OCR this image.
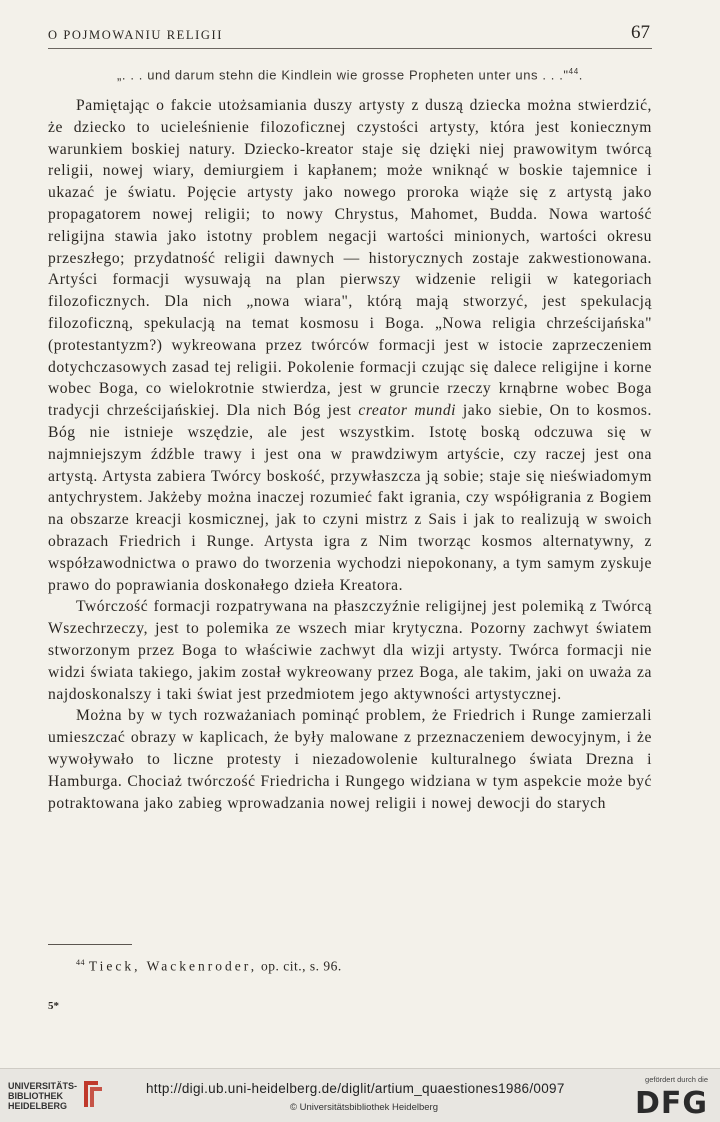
O POJMOWANIU RELIGII	67
„. . . und darum stehn die Kindlein wie grosse Propheten unter uns . . ."$^{44}$.

Pamiętając o fakcie utożsamiania duszy artysty z duszą dziecka można stwierdzić, że dziecko to ucieleśnienie filozoficznej czystości artysty, która jest koniecznym warunkiem boskiej natury. Dziecko-kreator staje się dzięki niej prawowitym twórcą religii, nowej wiary, demiurgiem i kapłanem; może wniknąć w boskie tajemnice i ukazać je światu. Pojęcie artysty jako nowego proroka wiąże się z artystą jako propagatorem nowej religii; to nowy Chrystus, Mahomet, Budda. Nowa wartość religijna stawia jako istotny problem negacji wartości minionych, wartości okresu przeszłego; przydatność religii dawnych — historycznych zostaje zakwestionowana. Artyści formacji wysuwają na plan pierwszy widzenie religii w kategoriach filozoficznych. Dla nich „nowa wiara", którą mają stworzyć, jest spekulacją filozoficzną, spekulacją na temat kosmosu i Boga. „Nowa religia chrześcijańska" (protestantyzm?) wykreowana przez twórców formacji jest w istocie zaprzeczeniem dotychczasowych zasad tej religii. Pokolenie formacji czując się dalece religijne i korne wobec Boga, co wielokrotnie stwierdza, jest w gruncie rzeczy krnąbrne wobec Boga tradycji chrześcijańskiej. Dla nich Bóg jest creator mundi jako siebie, On to kosmos. Bóg nie istnieje wszędzie, ale jest wszystkim. Istotę boską odczuwa się w najmniejszym źdźble trawy i jest ona w prawdziwym artyście, czy raczej jest ona artystą. Artysta zabiera Twórcy boskość, przywłaszcza ją sobie; staje się nieświadomym antychrystem. Jakżeby można inaczej rozumieć fakt igrania, czy współigrania z Bogiem na obszarze kreacji kosmicznej, jak to czyni mistrz z Sais i jak to realizują w swoich obrazach Friedrich i Runge. Artysta igra z Nim tworząc kosmos alternatywny, z współzawodnictwa o prawo do tworzenia wychodzi niepokonany, a tym samym zyskuje prawo do poprawiania doskonałego dzieła Kreatora.

Twórczość formacji rozpatrywana na płaszczyźnie religijnej jest polemiką z Twórcą Wszechrzeczy, jest to polemika ze wszech miar krytyczna. Pozorny zachwyt światem stworzonym przez Boga to właściwie zachwyt dla wizji artysty. Twórca formacji nie widzi świata takiego, jakim został wykreowany przez Boga, ale takim, jaki on uważa za najdoskonalszy i taki świat jest przedmiotem jego aktywności artystycznej.

Można by w tych rozważaniach pominąć problem, że Friedrich i Runge zamierzali umieszczać obrazy w kaplicach, że były malowane z przeznaczeniem dewocyjnym, i że wywoływało to liczne protesty i niezadowolenie kulturalnego świata Drezna i Hamburga. Chociaż twórczość Friedricha i Rungego widziana w tym aspekcie może być potraktowana jako zabieg wprowadzania nowej religii i nowej dewocji do starych

$^{44}$ Tieck, Wackenroder, op. cit., s. 96.
5*
UNIVERSITÄTS-
BIBLIOTHEK
HEIDELBERG
http://digi.ub.uni-heidelberg.de/diglit/artium_quaestiones1986/0097
© Universitätsbibliothek Heidelberg
gefördert durch die
DFG
